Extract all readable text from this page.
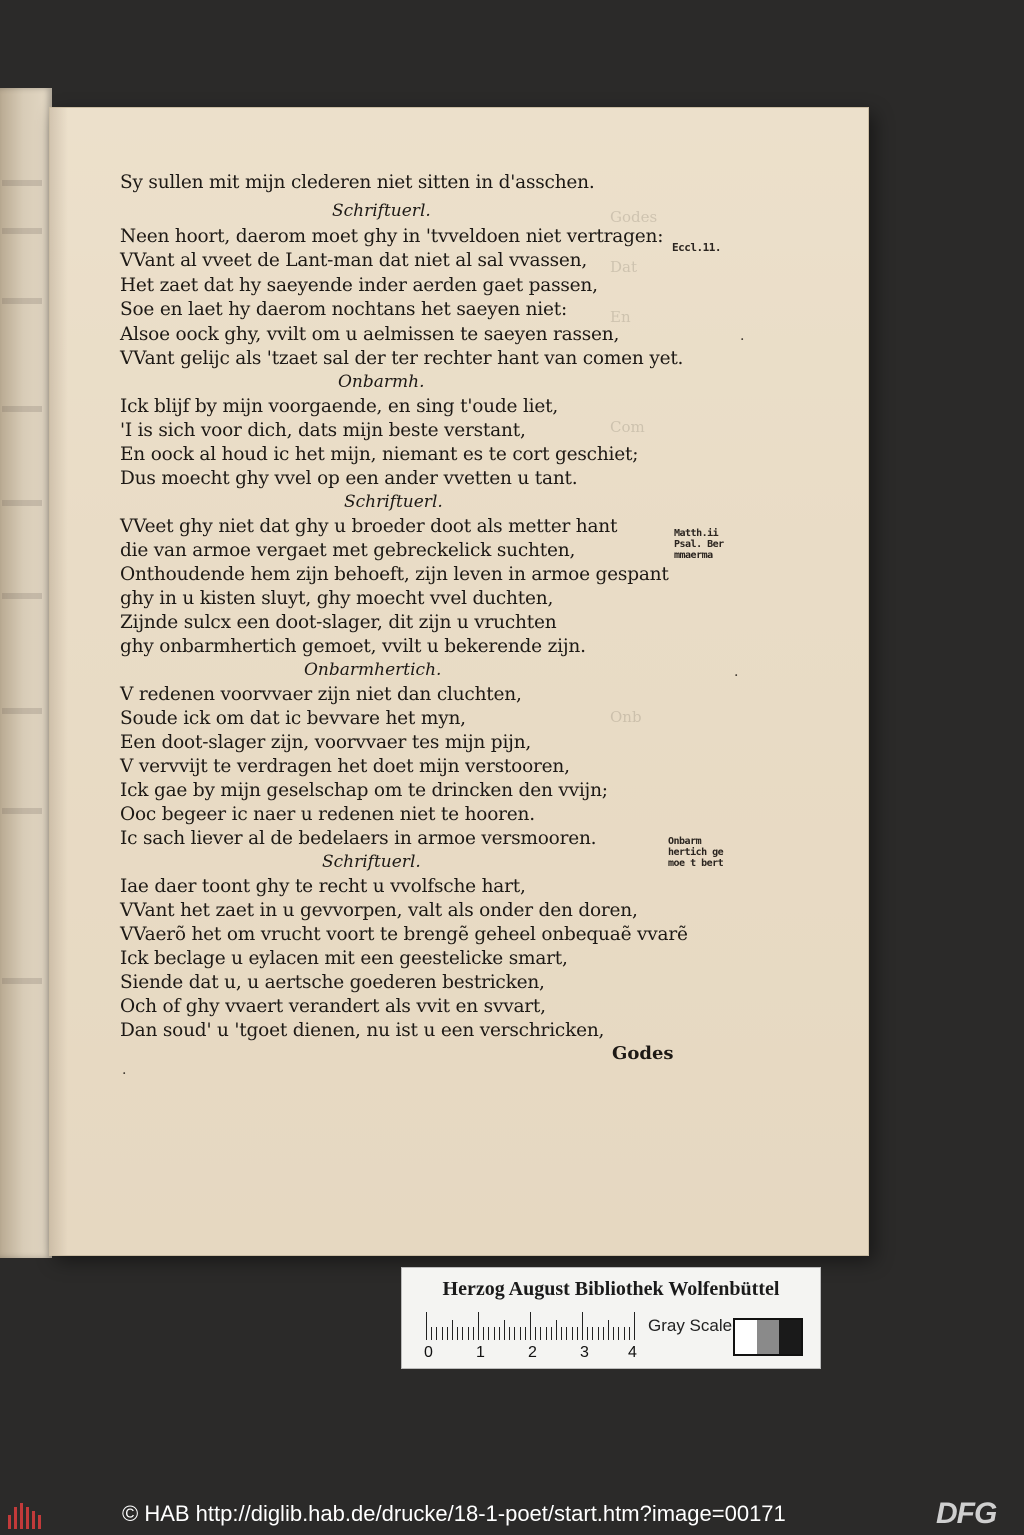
Godes
Dat
En
Com
Onb
·
·
·
Sy sullen mit mijn clederen niet sitten in d'asschen.
Schriftuerl.
Neen hoort, daerom moet ghy in 'tvveldoen niet vertragen:
VVant al vveet de Lant-man dat niet al sal vvassen,
Het zaet dat hy saeyende inder aerden gaet passen,
Soe en laet hy daerom nochtans het saeyen niet:
Alsoe oock ghy, vvilt om u aelmissen te saeyen rassen,
VVant gelijc als 'tzaet sal der ter rechter hant van comen yet.
Onbarmh.
Ick blijf by mijn voorgaende, en sing t'oude liet,
'I is sich voor dich, dats mijn beste verstant,
En oock al houd ic het mijn, niemant es te cort geschiet;
Dus moecht ghy vvel op een ander vvetten u tant.
Schriftuerl.
VVeet ghy niet dat ghy u broeder doot als metter hant
die van armoe vergaet met gebreckelick suchten,
Onthoudende hem zijn behoeft, zijn leven in armoe gespant
ghy in u kisten sluyt, ghy moecht vvel duchten,
Zijnde sulcx een doot-slager, dit zijn u vruchten
ghy onbarmhertich gemoet, vvilt u bekerende zijn.
Onbarmhertich.
V redenen voorvvaer zijn niet dan cluchten,
Soude ick om dat ic bevvare het myn,
Een doot-slager zijn, voorvvaer tes mijn pijn,
V vervvijt te verdragen het doet mijn verstooren,
Ick gae by mijn geselschap om te drincken den vvijn;
Ooc begeer ic naer u redenen niet te hooren.
Ic sach liever al de bedelaers in armoe versmooren.
Schriftuerl.
Iae daer toont ghy te recht u vvolfsche hart,
VVant het zaet in u gevvorpen, valt als onder den doren,
VVaerõ het om vrucht voort te brengẽ geheel onbequaẽ vvarẽ
Ick beclage u eylacen mit een geestelicke smart,
Siende dat u, u aertsche goederen bestricken,
Och of ghy vvaert verandert als vvit en svvart,
Dan soud' u 'tgoet dienen, nu ist u een verschricken,
Eccl.11.
Matth.ii
Psal. Ber
mmaerma
Onbarm
hertich ge
moe t bert
Godes
Herzog August Bibliothek Wolfenbüttel
0	1	2	3 4
Gray Scale
© HAB http://diglib.hab.de/drucke/18-1-poet/start.htm?image=00171	DFG
